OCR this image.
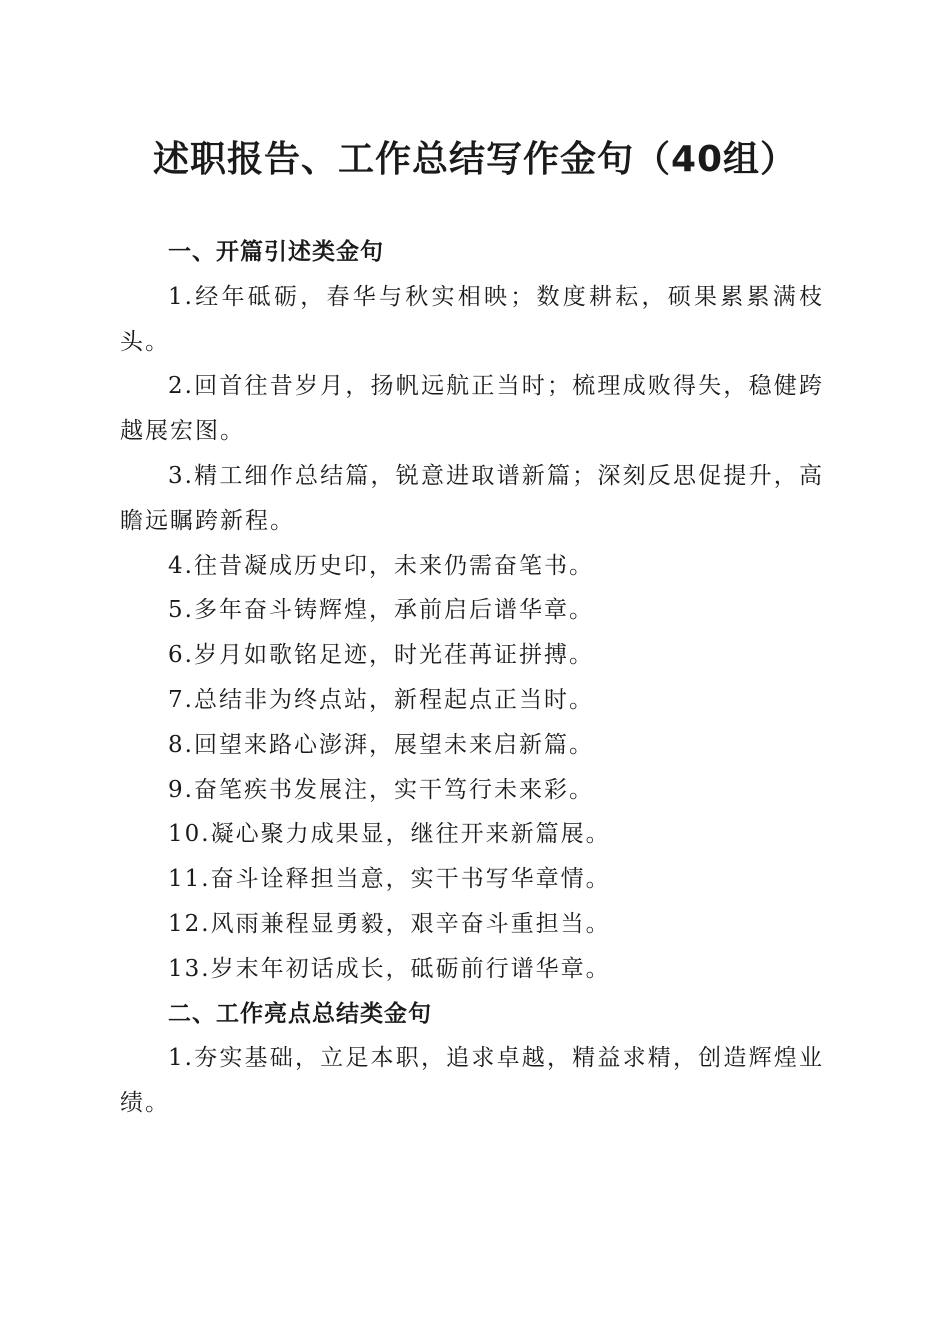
述职报告、工作总结写作金句（40组）

一、开篇引述类金句

1.经年砥砺，春华与秋实相映；数度耕耘，硕果累累满枝头。

2.回首往昔岁月，扬帆远航正当时；梳理成败得失，稳健跨越展宏图。

3.精工细作总结篇，锐意进取谱新篇；深刻反思促提升，高瞻远瞩跨新程。

4.往昔凝成历史印，未来仍需奋笔书。

5.多年奋斗铸辉煌，承前启后谱华章。

6.岁月如歌铭足迹，时光荏苒证拼搏。

7.总结非为终点站，新程起点正当时。

8.回望来路心澎湃，展望未来启新篇。

9.奋笔疾书发展注，实干笃行未来彩。

10.凝心聚力成果显，继往开来新篇展。

11.奋斗诠释担当意，实干书写华章情。

12.风雨兼程显勇毅，艰辛奋斗重担当。

13.岁末年初话成长，砥砺前行谱华章。

二、工作亮点总结类金句

1.夯实基础，立足本职，追求卓越，精益求精，创造辉煌业绩。
